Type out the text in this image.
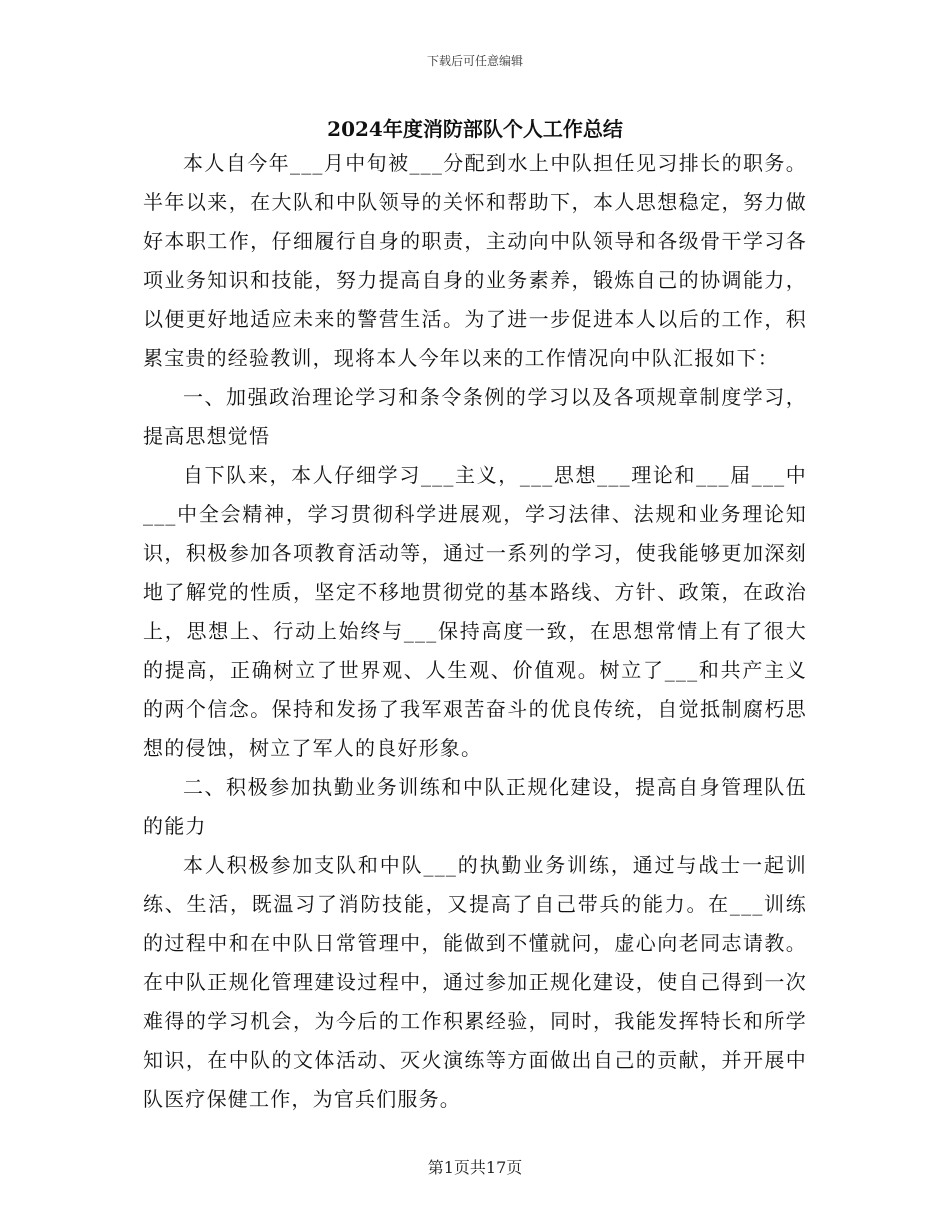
下载后可任意编辑
2024年度消防部队个人工作总结

本人自今年___月中旬被___分配到水上中队担任见习排长的职务。半年以来，在大队和中队领导的关怀和帮助下，本人思想稳定，努力做好本职工作，仔细履行自身的职责，主动向中队领导和各级骨干学习各项业务知识和技能，努力提高自身的业务素养，锻炼自己的协调能力，以便更好地适应未来的警营生活。为了进一步促进本人以后的工作，积累宝贵的经验教训，现将本人今年以来的工作情况向中队汇报如下：

一、加强政治理论学习和条令条例的学习以及各项规章制度学习，提高思想觉悟

自下队来，本人仔细学习___主义，___思想___理论和___届___中___中全会精神，学习贯彻科学进展观，学习法律、法规和业务理论知识，积极参加各项教育活动等，通过一系列的学习，使我能够更加深刻地了解党的性质，坚定不移地贯彻党的基本路线、方针、政策，在政治上，思想上、行动上始终与___保持高度一致，在思想常情上有了很大的提高，正确树立了世界观、人生观、价值观。树立了___和共产主义的两个信念。保持和发扬了我军艰苦奋斗的优良传统，自觉抵制腐朽思想的侵蚀，树立了军人的良好形象。

二、积极参加执勤业务训练和中队正规化建设，提高自身管理队伍的能力

本人积极参加支队和中队___的执勤业务训练，通过与战士一起训练、生活，既温习了消防技能，又提高了自己带兵的能力。在___训练的过程中和在中队日常管理中，能做到不懂就问，虚心向老同志请教。在中队正规化管理建设过程中，通过参加正规化建设，使自己得到一次难得的学习机会，为今后的工作积累经验，同时，我能发挥特长和所学知识，在中队的文体活动、灭火演练等方面做出自己的贡献，并开展中队医疗保健工作，为官兵们服务。

第1页共17页
